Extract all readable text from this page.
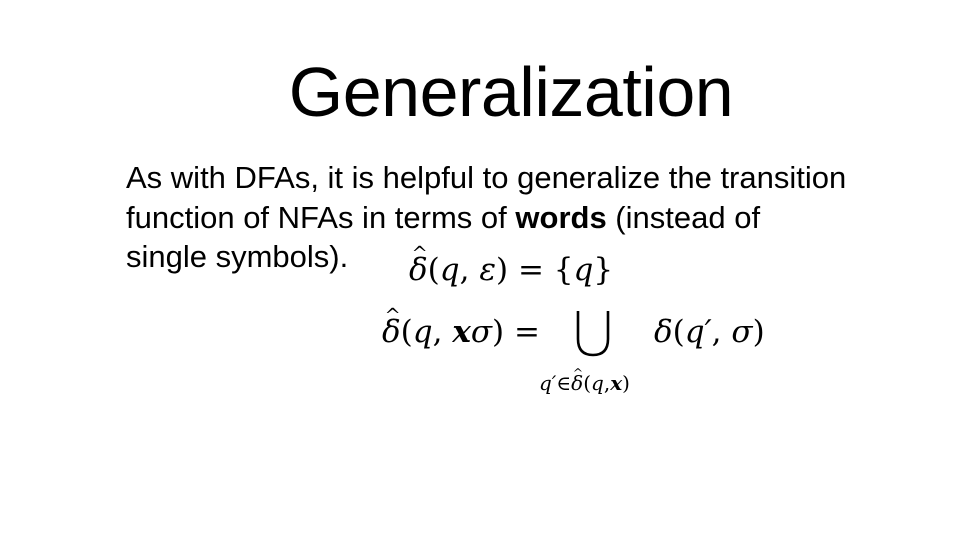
Generalization

As with DFAs, it is helpful to generalize the transition
function of NFAs in terms of words (instead of
single symbols).

^	δ(q, ε) = {q}
^ δ(q, xσ) =
q′∈^ δ(q,x)
δ(q′, σ)
